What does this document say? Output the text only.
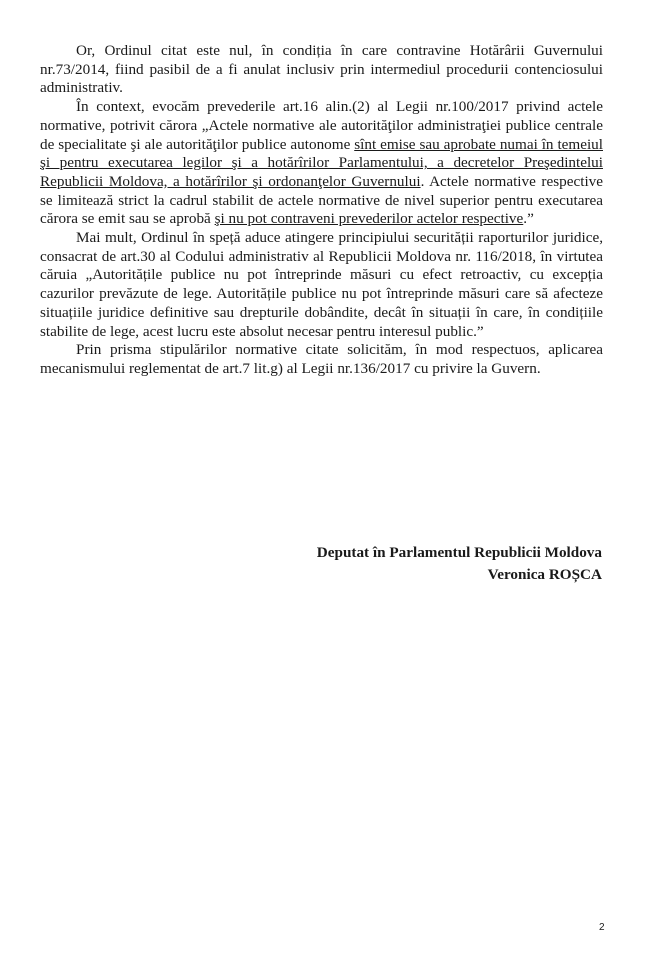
Or, Ordinul citat este nul, în condiția în care contravine Hotărârii Guvernului nr.73/2014, fiind pasibil de a fi anulat inclusiv prin intermediul procedurii contenciosului administrativ.

În context, evocăm prevederile art.16 alin.(2) al Legii nr.100/2017 privind actele normative, potrivit cărora „Actele normative ale autorităţilor administraţiei publice centrale de specialitate şi ale autorităţilor publice autonome sînt emise sau aprobate numai în temeiul şi pentru executarea legilor şi a hotărîrilor Parlamentului, a decretelor Preşedintelui Republicii Moldova, a hotărîrilor şi ordonanţelor Guvernului. Actele normative respective se limitează strict la cadrul stabilit de actele normative de nivel superior pentru executarea cărora se emit sau se aprobă şi nu pot contraveni prevederilor actelor respective.”

Mai mult, Ordinul în speță aduce atingere principiului securității raporturilor juridice, consacrat de art.30 al Codului administrativ al Republicii Moldova nr. 116/2018, în virtutea căruia „Autoritățile publice nu pot întreprinde măsuri cu efect retroactiv, cu excepția cazurilor prevăzute de lege. Autoritățile publice nu pot întreprinde măsuri care să afecteze situațiile juridice definitive sau drepturile dobândite, decât în situații în care, în condițiile stabilite de lege, acest lucru este absolut necesar pentru interesul public.”

Prin prisma stipulărilor normative citate solicităm, în mod respectuos, aplicarea mecanismului reglementat de art.7 lit.g) al Legii nr.136/2017 cu privire la Guvern.

Deputat în Parlamentul Republicii Moldova
Veronica ROȘCA
2
